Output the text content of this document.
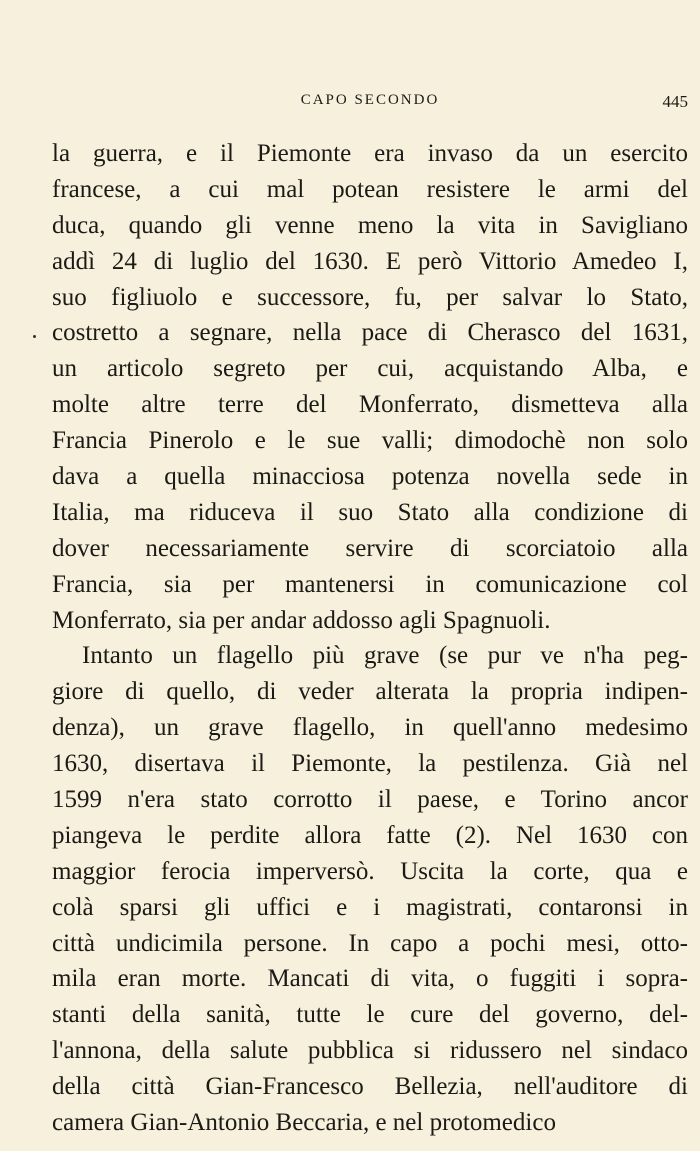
CAPO SECONDO	445
la guerra, e il Piemonte era invaso da un esercito
francese, a cui mal potean resistere le armi del
duca, quando gli venne meno la vita in Savigliano
addì 24 di luglio del 1630. E però Vittorio Amedeo I,
suo figliuolo e successore, fu, per salvar lo Stato,
costretto a segnare, nella pace di Cherasco del 1631,
un articolo segreto per cui, acquistando Alba, e
molte altre terre del Monferrato, dismetteva alla
Francia Pinerolo e le sue valli; dimodochè non solo
dava a quella minacciosa potenza novella sede in
Italia, ma riduceva il suo Stato alla condizione di
dover necessariamente servire di scorciatoio alla
Francia, sia per mantenersi in comunicazione col
Monferrato, sia per andar addosso agli Spagnuoli.
Intanto un flagello più grave (se pur ve n'ha peg-
giore di quello, di veder alterata la propria indipen-
denza), un grave flagello, in quell'anno medesimo
1630, disertava il Piemonte, la pestilenza. Già nel
1599 n'era stato corrotto il paese, e Torino ancor
piangeva le perdite allora fatte (2). Nel 1630 con
maggior ferocia imperversò. Uscita la corte, qua e
colà sparsi gli uffici e i magistrati, contaronsi in
città undicimila persone. In capo a pochi mesi, otto-
mila eran morte. Mancati di vita, o fuggiti i sopra-
stanti della sanità, tutte le cure del governo, del-
l'annona, della salute pubblica si ridussero nel sindaco
della città Gian-Francesco Bellezia, nell'auditore di
camera Gian-Antonio Beccaria, e nel protomedico
